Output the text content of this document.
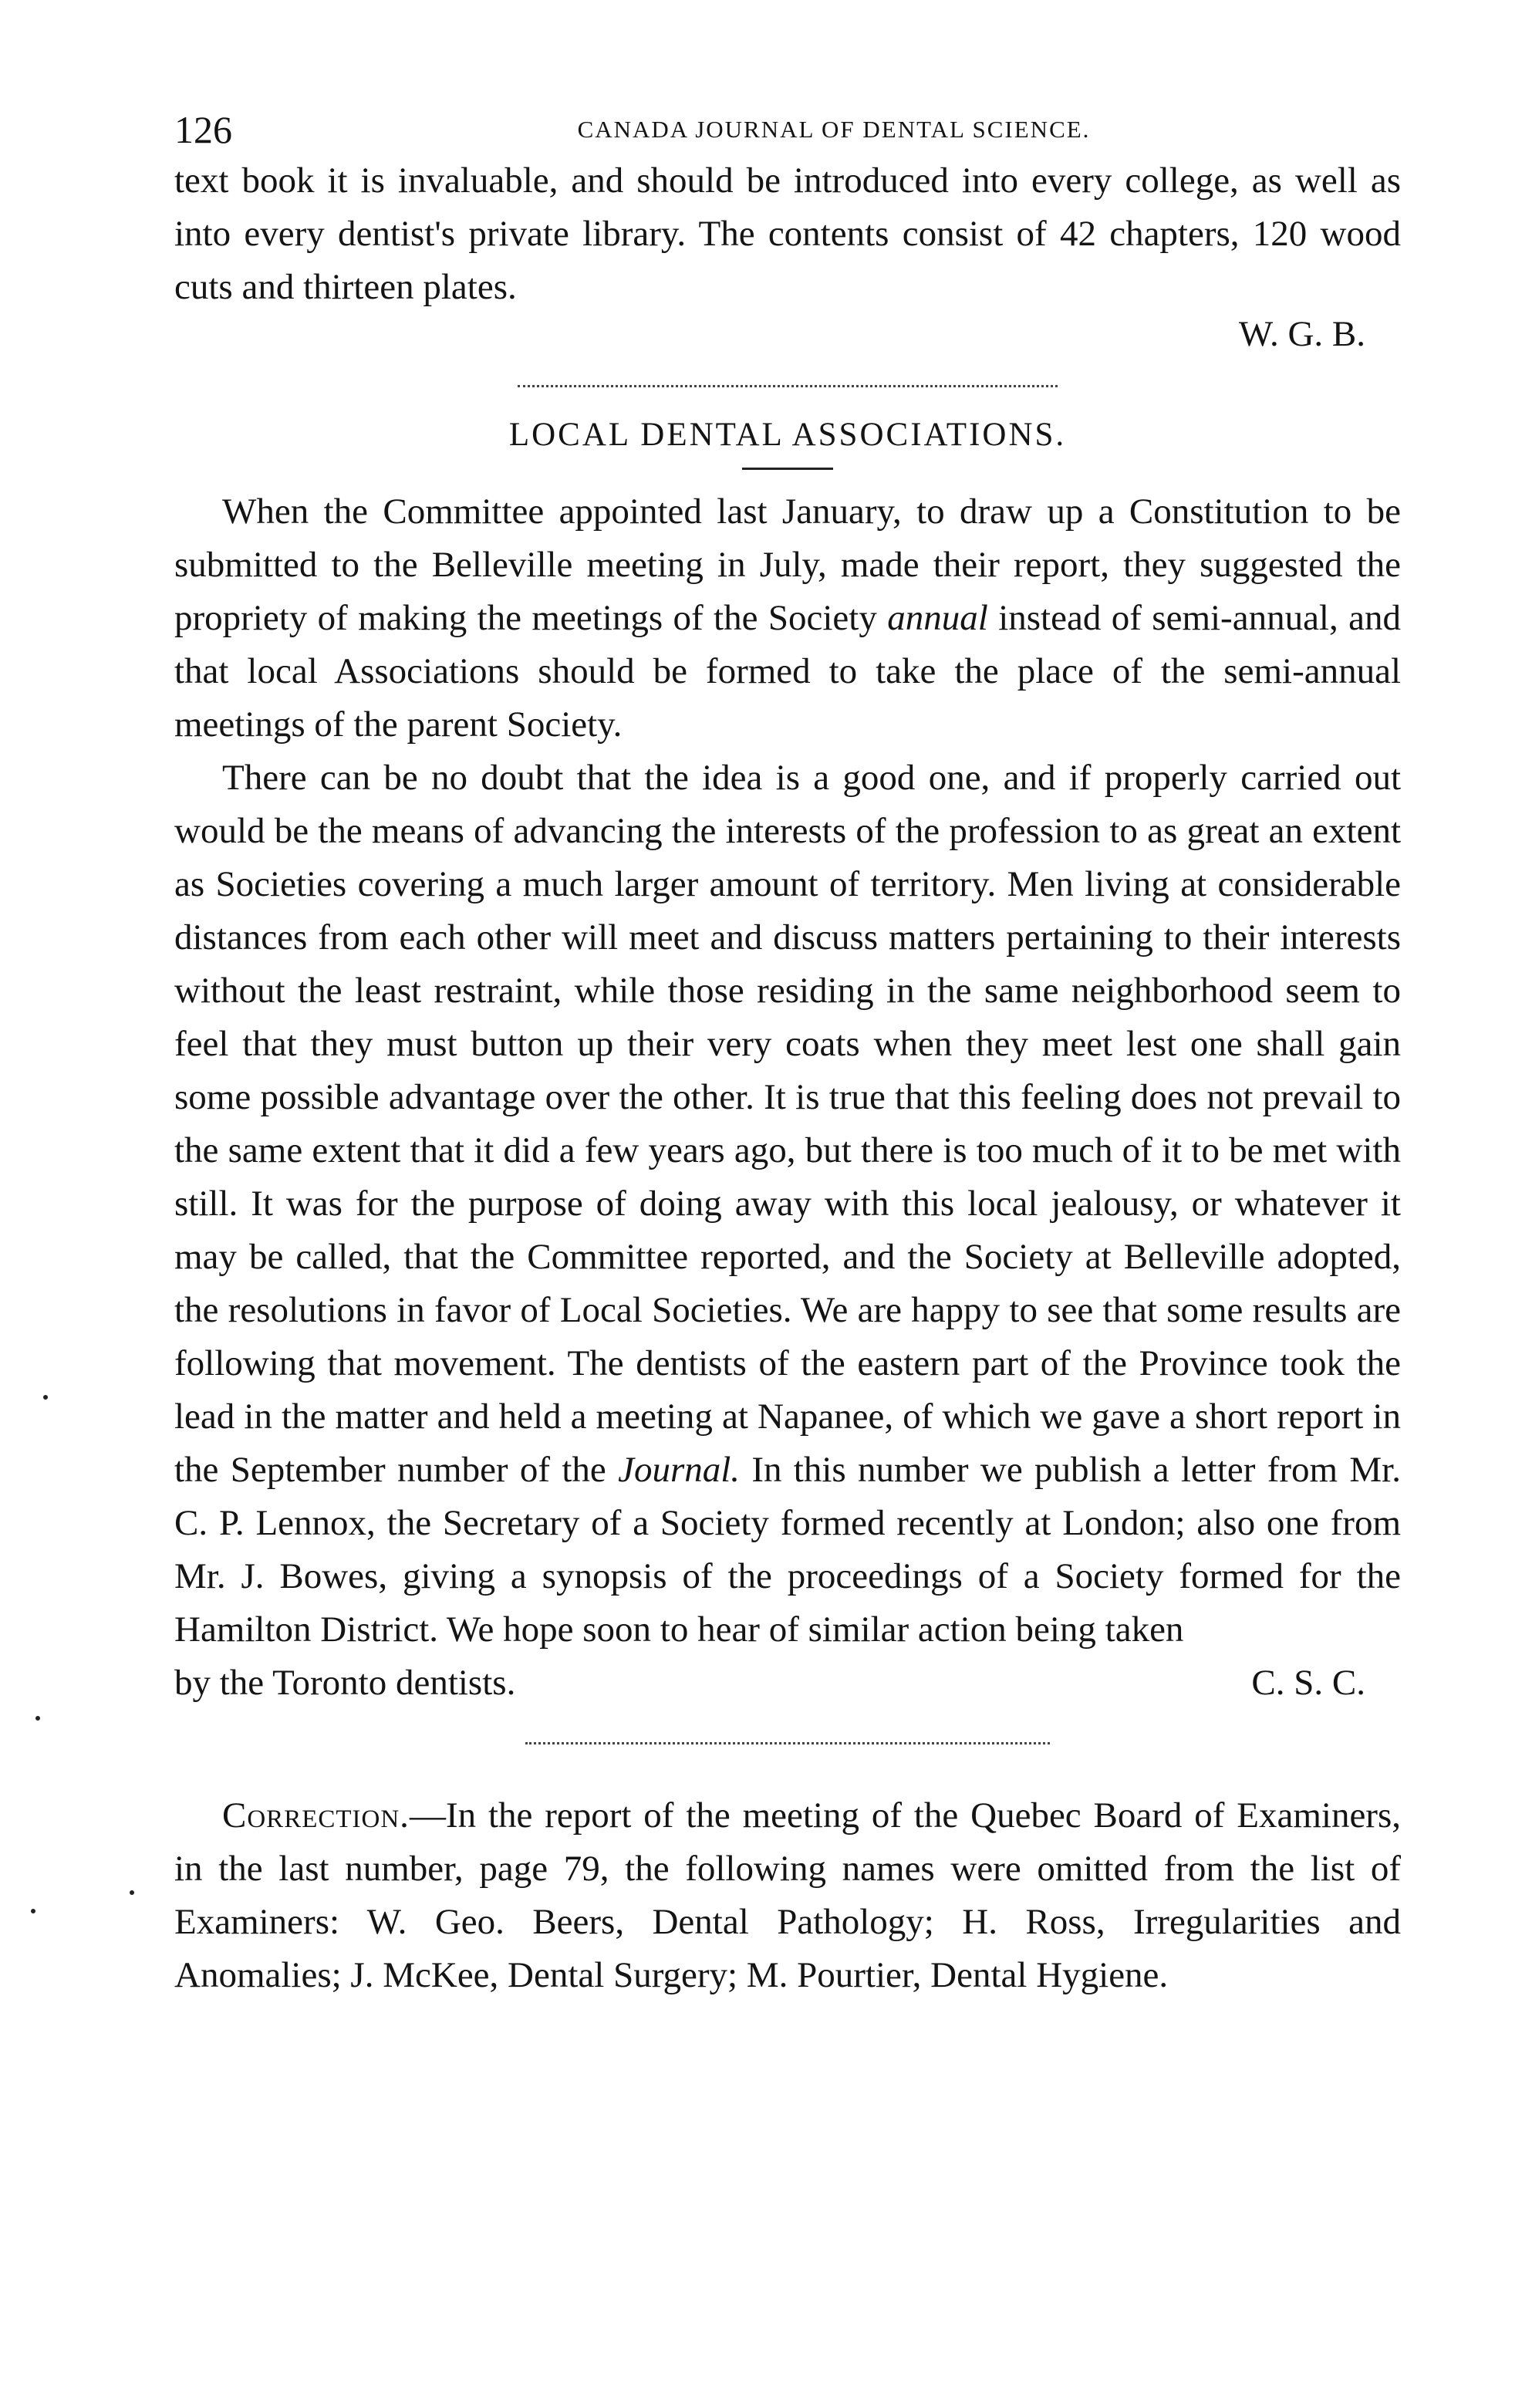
126	CANADA JOURNAL OF DENTAL SCIENCE.

text book it is invaluable, and should be introduced into every college, as well as into every dentist's private library. The contents consist of 42 chapters, 120 wood cuts and thirteen plates.

W. G. B.
LOCAL DENTAL ASSOCIATIONS.

When the Committee appointed last January, to draw up a Constitution to be submitted to the Belleville meeting in July, made their report, they suggested the propriety of making the meetings of the Society annual instead of semi-annual, and that local Associations should be formed to take the place of the semi-annual meetings of the parent Society.

There can be no doubt that the idea is a good one, and if properly carried out would be the means of advancing the interests of the profession to as great an extent as Societies covering a much larger amount of territory. Men living at considerable distances from each other will meet and discuss matters pertaining to their interests without the least restraint, while those residing in the same neighborhood seem to feel that they must button up their very coats when they meet lest one shall gain some possible advantage over the other. It is true that this feeling does not prevail to the same extent that it did a few years ago, but there is too much of it to be met with still. It was for the purpose of doing away with this local jealousy, or whatever it may be called, that the Committee reported, and the Society at Belleville adopted, the resolutions in favor of Local Societies. We are happy to see that some results are following that movement. The dentists of the eastern part of the Province took the lead in the matter and held a meeting at Napanee, of which we gave a short report in the September number of the Journal. In this number we publish a letter from Mr. C. P. Lennox, the Secretary of a Society formed recently at London; also one from Mr. J. Bowes, giving a synopsis of the proceedings of a Society formed for the Hamilton District. We hope soon to hear of similar action being taken

by the Toronto dentists.	C. S. C.

Correction.—In the report of the meeting of the Quebec Board of Examiners, in the last number, page 79, the following names were omitted from the list of Examiners: W. Geo. Beers, Dental Pathology; H. Ross, Irregularities and Anomalies; J. McKee, Dental Surgery; M. Pourtier, Dental Hygiene.
